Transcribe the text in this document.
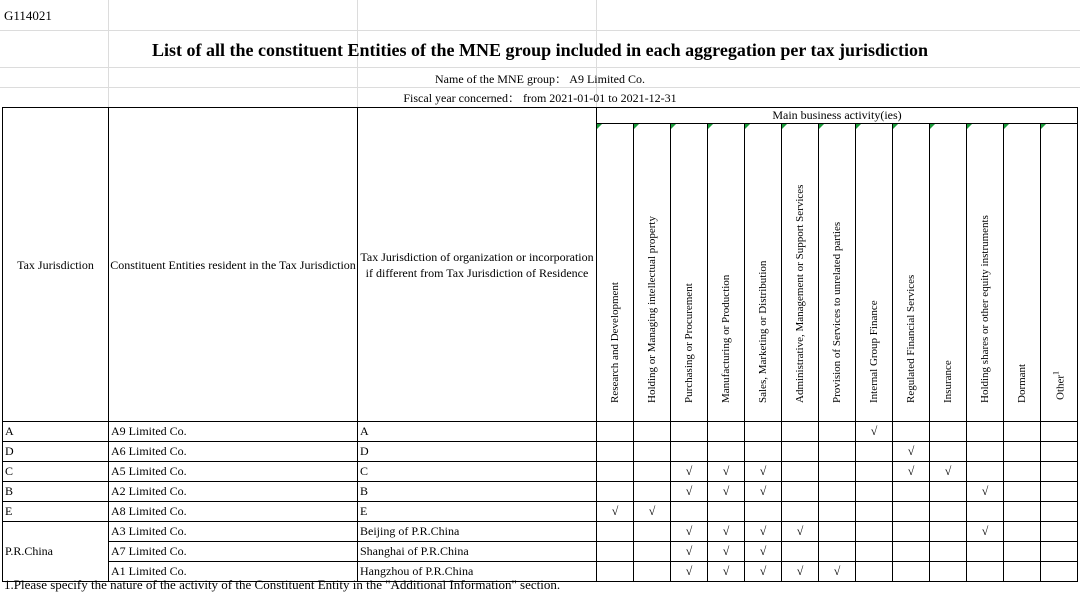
G114021
List of all the constituent Entities of the MNE group included in each aggregation per tax jurisdiction
Name of the MNE group： A9 Limited Co.
Fiscal year concerned： from 2021-01-01 to 2021-12-31
Tax Jurisdiction	Constituent Entities resident in the Tax Jurisdiction	Tax Jurisdiction of organization or incorporation if different from Tax Jurisdiction of Residence	Main business activity(ies)												

			Research and Development	Holding or Managing intellectual property	Purchasing or Procurement	Manufacturing or Production	Sales, Marketing or Distribution	Administrative, Management or Support Services	Provision of Services to unrelated parties	Internal Group Finance	Regulated Financial Services	Insurance	Holding shares or other equity instruments	Dormant	Other$^1$

A	A9 Limited Co.	A								√					
D	A6 Limited Co.	D									√				
C	A5 Limited Co.	C			√	√	√				√	√			
B	A2 Limited Co.	B			√	√	√						√		
E	A8 Limited Co.	E	√	√											
P.R.China	A3 Limited Co.	Beijing of P.R.China			√	√	√	√					√		
	A7 Limited Co.	Shanghai of P.R.China			√	√	√								
	A1 Limited Co.	Hangzhou of P.R.China			√	√	√	√	√						
1.Please specify the nature of the activity of the Constituent Entity in the "Additional Information" section.
